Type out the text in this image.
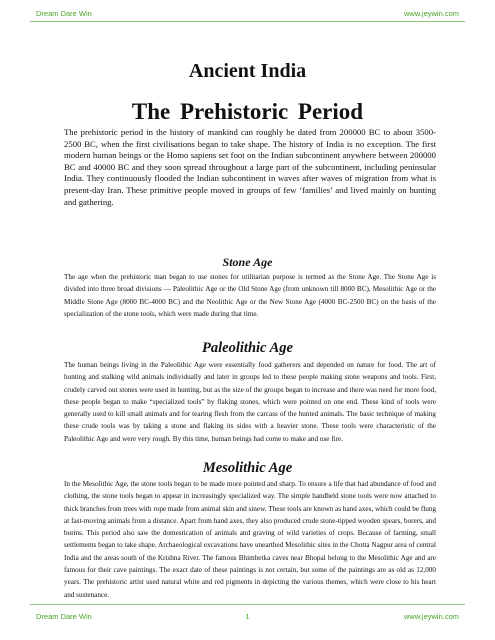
Dream Dare Win	www.jeywin.com
Ancient India
The Prehistoric Period

The prehistoric period in the history of mankind can roughly be dated from 200000 BC to about 3500-2500 BC, when the first civilisations began to take shape. The history of India is no exception. The first modern human beings or the Homo sapiens set foot on the Indian subcontinent anywhere between 200000 BC and 40000 BC and they soon spread throughout a large part of the subcontinent, including peninsular India. They continuously flooded the Indian subcontinent in waves after waves of migration from what is present-day Iran. These primitive people moved in groups of few ‘families’ and lived mainly on hunting and gathering.

Stone Age

The age when the prehistoric man began to use stones for utilitarian purpose is termed as the Stone Age. The Stone Age is divided into three broad divisions — Paleolithic Age or the Old Stone Age (from unknown till 8000 BC), Mesolithic Age or the Middle Stone Age (8000 BC-4000 BC) and the Neolithic Age or the New Stone Age (4000 BC-2500 BC) on the basis of the specialization of the stone tools, which were made during that time.

Paleolithic Age

The human beings living in the Paleolithic Age were essentially food gatherers and depended on nature for food. The art of hunting and stalking wild animals individually and later in groups led to these people making stone weapons and tools. First, crudely carved out stones were used in hunting, but as the size of the groups began to increase and there was need for more food, these people began to make “specialized tools” by flaking stones, which were pointed on one end. These kind of tools were generally used to kill small animals and for tearing flesh from the carcass of the hunted animals. The basic technique of making these crude tools was by taking a stone and flaking its sides with a heavier stone. These tools were characteristic of the Paleolithic Age and were very rough. By this time, human beings had come to make and use fire.

Mesolithic Age

In the Mesolithic Age, the stone tools began to be made more pointed and sharp. To ensure a life that had abundance of food and clothing, the stone tools began to appear in increasingly specialized way. The simple handheld stone tools were now attached to thick branches from trees with rope made from animal skin and sinew. These tools are known as hand axes, which could be flung at fast-moving animals from a distance. Apart from hand axes, they also produced crude stone-tipped wooden spears, borers, and burins. This period also saw the domestication of animals and graving of wild varieties of crops. Because of farming, small settlements began to take shape. Archaeological excavations have unearthed Mesolithic sites in the Chotta Nagpur area of central India and the areas south of the Krishna River. The famous Bhimbetka caves near Bhopal belong to the Mesolithic Age and are famous for their cave paintings. The exact date of these paintings is not certain, but some of the paintings are as old as 12,000 years. The prehistoric artist used natural white and red pigments in depicting the various themes, which were close to his heart and sustenance.

Dream Dare Win	1	www.jeywin.com
